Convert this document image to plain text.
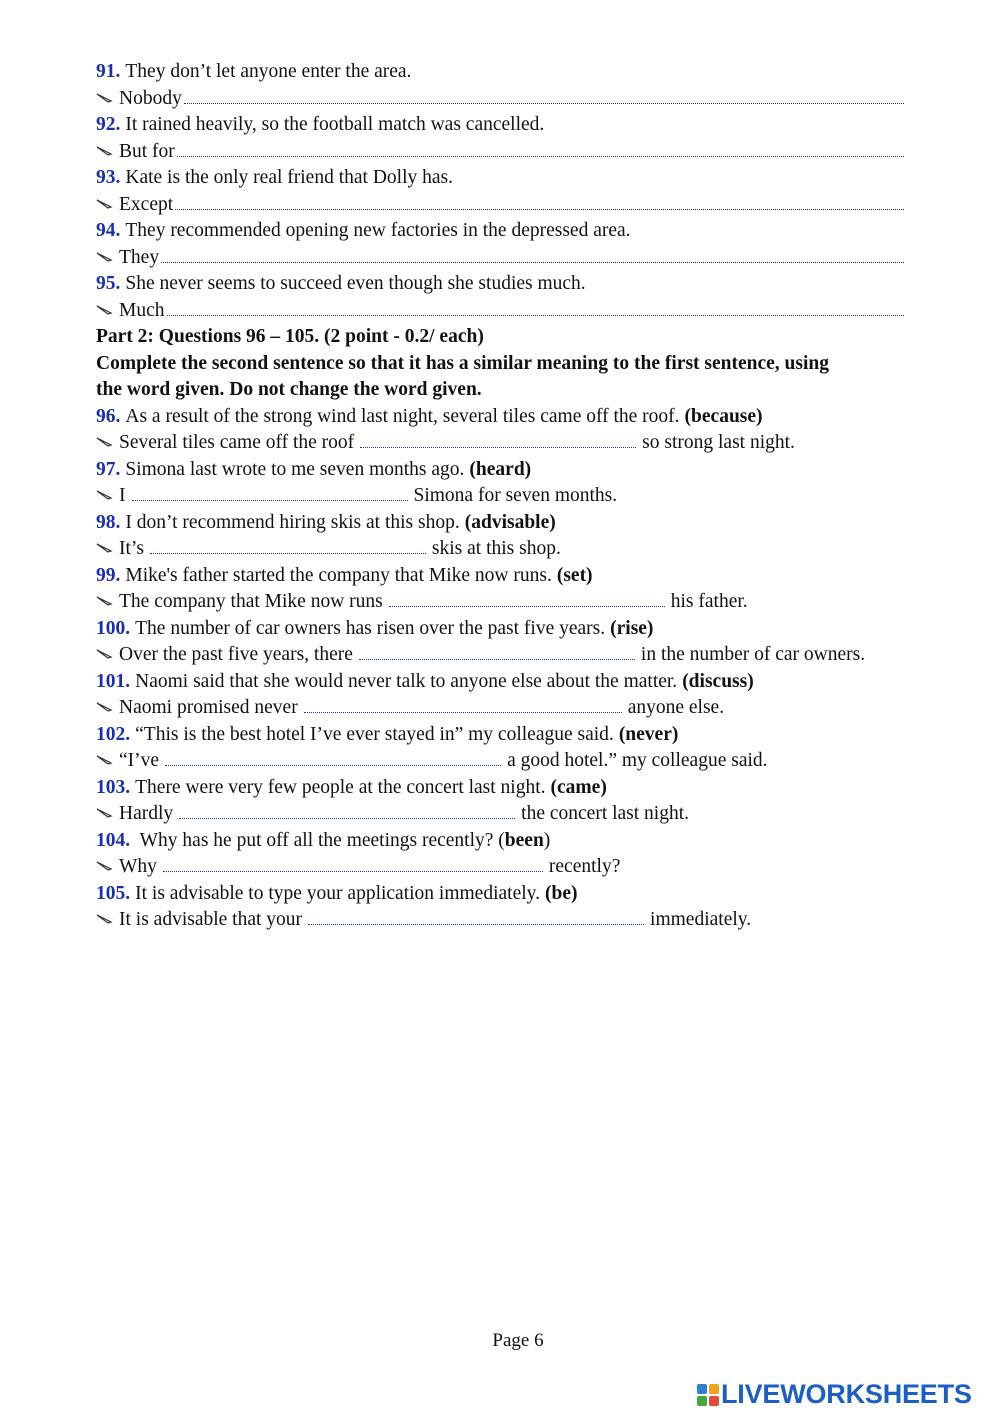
91. They don’t let anyone enter the area.
Nobody
92. It rained heavily, so the football match was cancelled.
But for
93. Kate is the only real friend that Dolly has.
Except
94. They recommended opening new factories in the depressed area.
They
95. She never seems to succeed even though she studies much.
Much
Part 2: Questions 96 – 105. (2 point - 0.2/ each)
Complete the second sentence so that it has a similar meaning to the first sentence, using
the word given. Do not change the word given.
96. As a result of the strong wind last night, several tiles came off the roof. (because)
Several tiles came off the roof	so strong last night.
97. Simona last wrote to me seven months ago. (heard)
I	Simona for seven months.
98. I don’t recommend hiring skis at this shop. (advisable)
It’s	skis at this shop.
99. Mike's father started the company that Mike now runs. (set)
The company that Mike now runs	his father.
100. The number of car owners has risen over the past five years. (rise)
Over the past five years, there	in the number of car owners.
101. Naomi said that she would never talk to anyone else about the matter. (discuss)
Naomi promised never	anyone else.
102. “This is the best hotel I’ve ever stayed in” my colleague said. (never)
“I’ve	a good hotel.” my colleague said.
103. There were very few people at the concert last night. (came)
Hardly	the concert last night.
104. Why has he put off all the meetings recently? ( been )
Why	recently?
105. It is advisable to type your application immediately. (be)
It is advisable that your	immediately.
Page 6
LIVEWORKSHEETS
